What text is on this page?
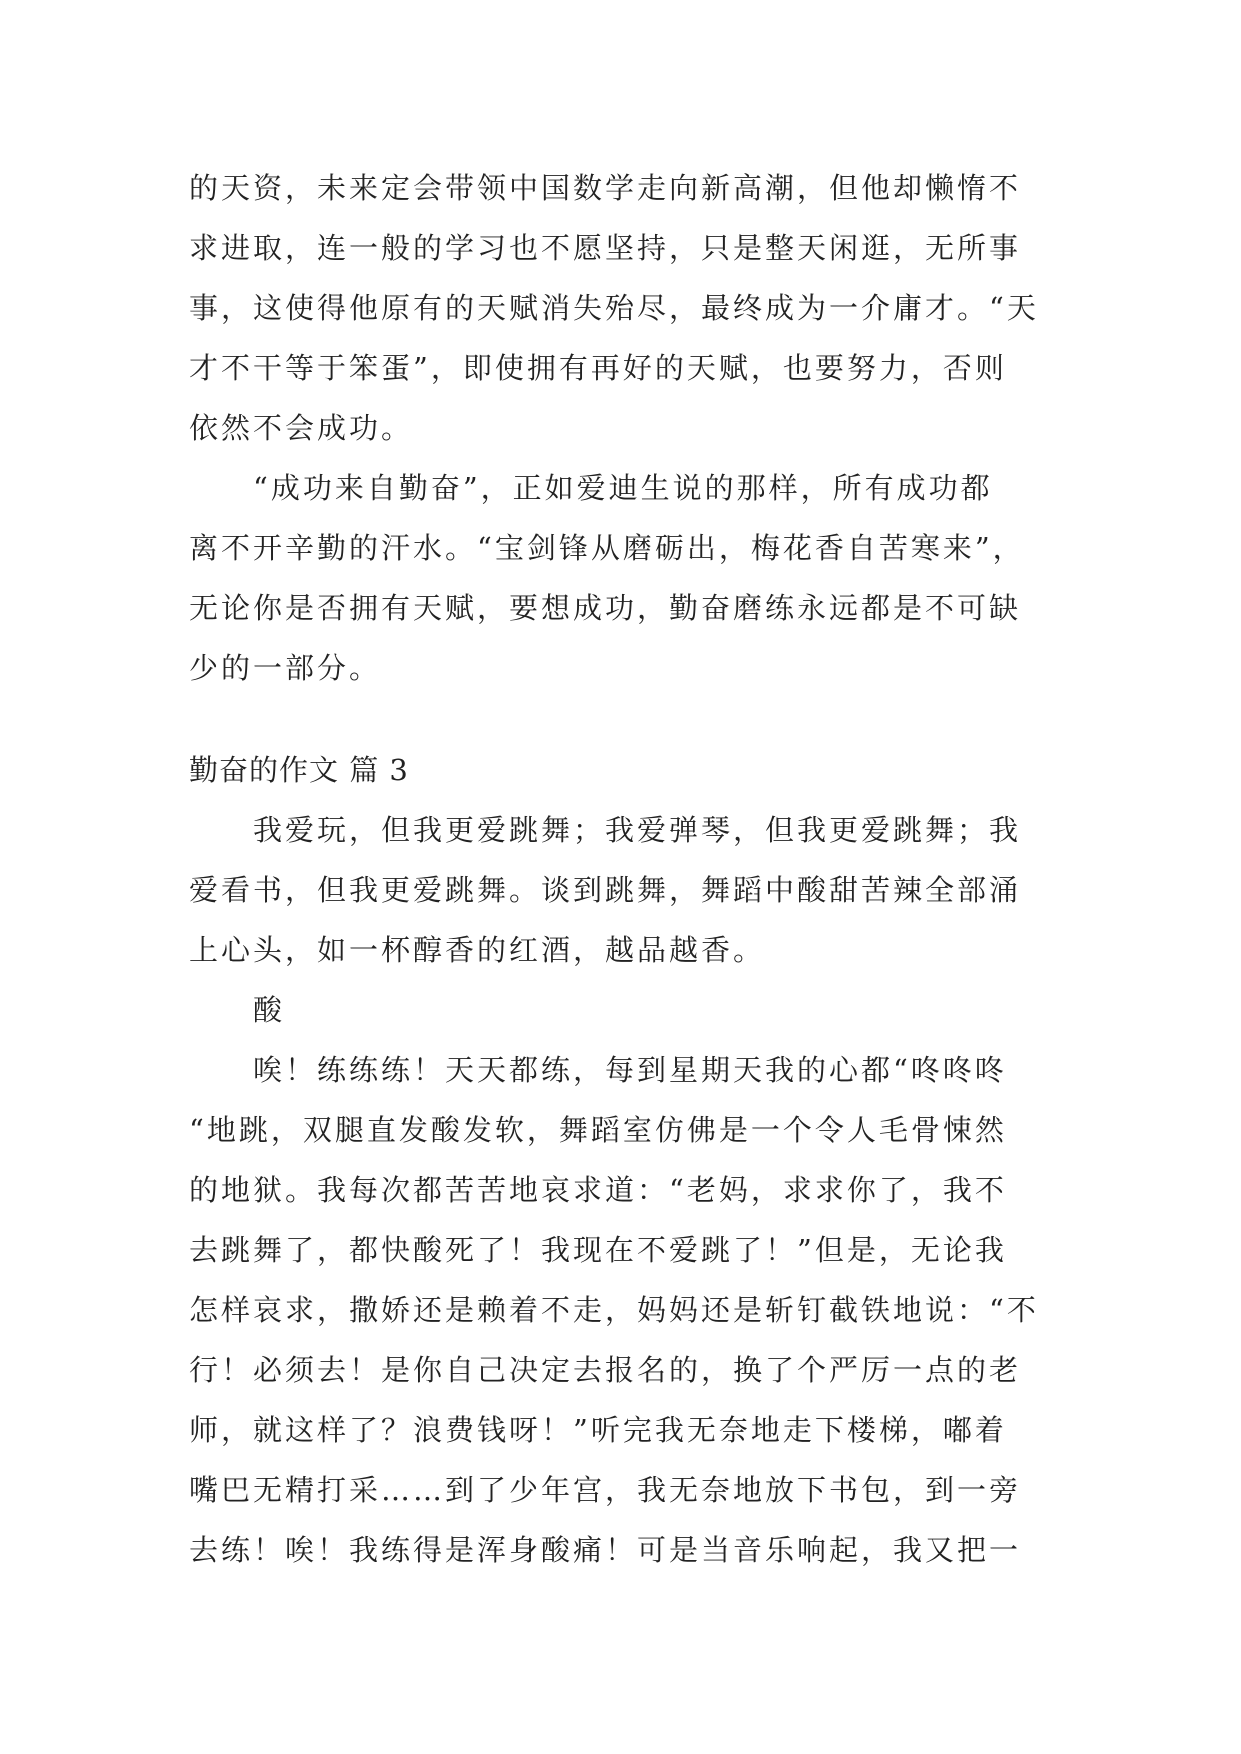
的天资，未来定会带领中国数学走向新高潮，但他却懒惰不
求进取，连一般的学习也不愿坚持，只是整天闲逛，无所事
事，这使得他原有的天赋消失殆尽，最终成为一介庸才。“天
才不干等于笨蛋”，即使拥有再好的天赋，也要努力，否则
依然不会成功。
　　“成功来自勤奋”，正如爱迪生说的那样，所有成功都
离不开辛勤的汗水。“宝剑锋从磨砺出，梅花香自苦寒来”，
无论你是否拥有天赋，要想成功，勤奋磨练永远都是不可缺
少的一部分。
勤奋的作文 篇 3
　　我爱玩，但我更爱跳舞；我爱弹琴，但我更爱跳舞；我
爱看书，但我更爱跳舞。谈到跳舞，舞蹈中酸甜苦辣全部涌
上心头，如一杯醇香的红酒，越品越香。
　　酸
　　唉！练练练！天天都练，每到星期天我的心都“咚咚咚
“地跳，双腿直发酸发软，舞蹈室仿佛是一个令人毛骨悚然
的地狱。我每次都苦苦地哀求道：“老妈，求求你了，我不
去跳舞了，都快酸死了！我现在不爱跳了！”但是，无论我
怎样哀求，撒娇还是赖着不走，妈妈还是斩钉截铁地说：“不
行！必须去！是你自己决定去报名的，换了个严厉一点的老
师，就这样了？浪费钱呀！”听完我无奈地走下楼梯，嘟着
嘴巴无精打采……到了少年宫，我无奈地放下书包，到一旁
去练！唉！我练得是浑身酸痛！可是当音乐响起，我又把一
